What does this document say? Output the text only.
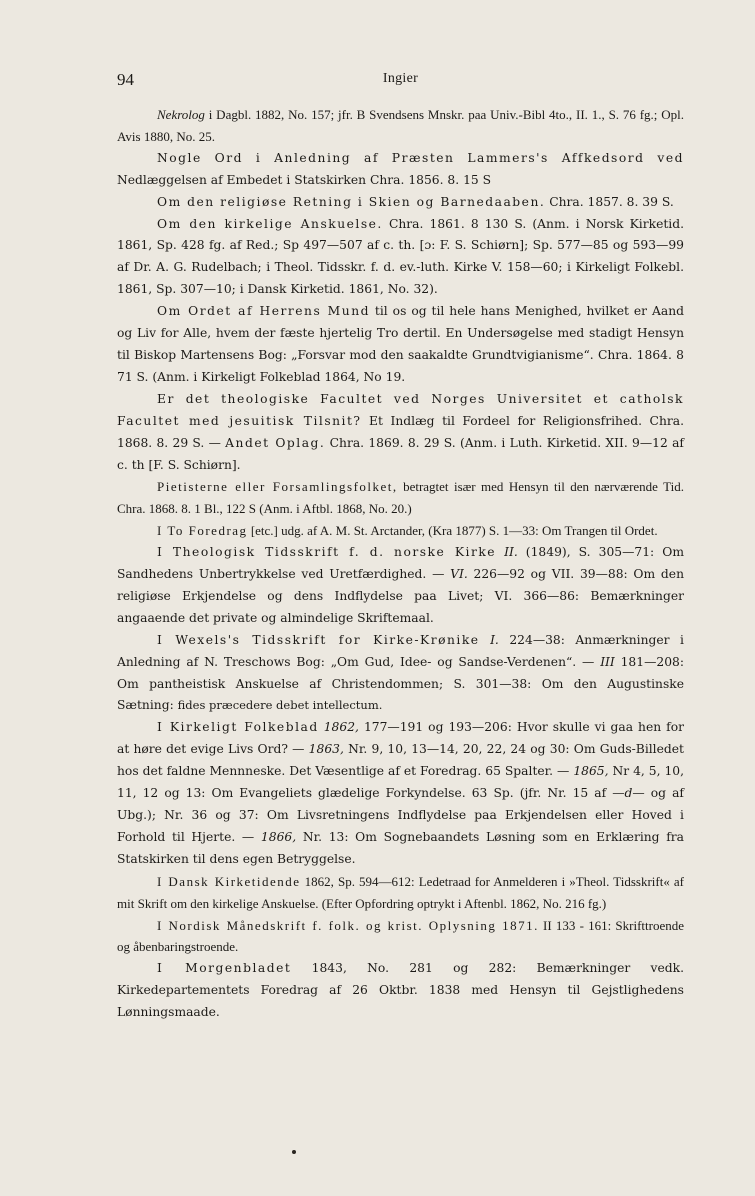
94	Ingier

Nekrolog i Dagbl. 1882, No. 157; jfr. B Svendsens Mnskr. paa Univ.-Bibl 4to., II. 1., S. 76 fg.; Opl. Avis 1880, No. 25.

Nogle Ord i Anledning af Præsten Lammers's Affkedsord ved Nedlæggelsen af Embedet i Statskirken Chra. 1856. 8. 15 S

Om den religiøse Retning i Skien og Barnedaaben. Chra. 1857. 8. 39 S.

Om den kirkelige Anskuelse. Chra. 1861. 8 130 S. (Anm. i Norsk Kirketid. 1861, Sp. 428 fg. af Red.; Sp 497—507 af c. th. [ɔ: F. S. Schiørn]; Sp. 577—85 og 593—99 af Dr. A. G. Rudelbach; i Theol. Tidsskr. f. d. ev.-luth. Kirke V. 158—60; i Kirkeligt Folkebl. 1861, Sp. 307—10; i Dansk Kirketid. 1861, No. 32).

Om Ordet af Herrens Mund til os og til hele hans Menighed, hvilket er Aand og Liv for Alle, hvem der fæste hjertelig Tro dertil. En Undersøgelse med stadigt Hensyn til Biskop Martensens Bog: „Forsvar mod den saakaldte Grundtvigianisme“. Chra. 1864. 8 71 S. (Anm. i Kirkeligt Folkeblad 1864, No 19.

Er det theologiske Facultet ved Norges Universitet et catholsk Facultet med jesuitisk Tilsnit? Et Indlæg til Fordeel for Religionsfrihed. Chra. 1868. 8. 29 S. — Andet Oplag. Chra. 1869. 8. 29 S. (Anm. i Luth. Kirketid. XII. 9—12 af c. th [F. S. Schiørn].

Pietisterne eller Forsamlingsfolket, betragtet især med Hensyn til den nærværende Tid. Chra. 1868. 8. 1 Bl., 122 S (Anm. i Aftbl. 1868, No. 20.)

I To Foredrag [etc.] udg. af A. M. St. Arctander, (Kra 1877) S. 1—33: Om Trangen til Ordet.

I Theologisk Tidsskrift f. d. norske Kirke II. (1849), S. 305—71: Om Sandhedens Unbertrykkelse ved Uretfærdighed. — VI. 226—92 og VII. 39—88: Om den religiøse Erkjendelse og dens Indflydelse paa Livet; VI. 366—86: Bemærkninger angaaende det private og almindelige Skriftemaal.

I Wexels's Tidsskrift for Kirke-Krønike I. 224—38: Anmærkninger i Anledning af N. Treschows Bog: „Om Gud, Idee- og Sandse-Verdenen“. — III 181—208: Om pantheistisk Anskuelse af Christendommen; S. 301—38: Om den Augustinske Sætning: fides præcedere debet intellectum.

I Kirkeligt Folkeblad 1862, 177—191 og 193—206: Hvor skulle vi gaa hen for at høre det evige Livs Ord? — 1863, Nr. 9, 10, 13—14, 20, 22, 24 og 30: Om Guds-Billedet hos det faldne Mennneske. Det Væsentlige af et Foredrag. 65 Spalter. — 1865, Nr 4, 5, 10, 11, 12 og 13: Om Evangeliets glædelige Forkyndelse. 63 Sp. (jfr. Nr. 15 af —d— og af Ubg.); Nr. 36 og 37: Om Livsretningens Indflydelse paa Erkjendelsen eller Hoved i Forhold til Hjerte. — 1866, Nr. 13: Om Sognebaandets Løsning som en Erklæring fra Statskirken til dens egen Betryggelse.

I Dansk Kirketidende 1862, Sp. 594—612: Ledetraad for Anmelderen i »Theol. Tidsskrift« af mit Skrift om den kirkelige Anskuelse. (Efter Opfordring optrykt i Aftenbl. 1862, No. 216 fg.)

I Nordisk Månedskrift f. folk. og krist. Oplysning 1871. II 133 - 161: Skrifttroende og åbenbaringstroende.

I Morgenbladet 1843, No. 281 og 282: Bemærkninger vedk. Kirkedepartementets Foredrag af 26 Oktbr. 1838 med Hensyn til Gejstlighedens Lønningsmaade.
